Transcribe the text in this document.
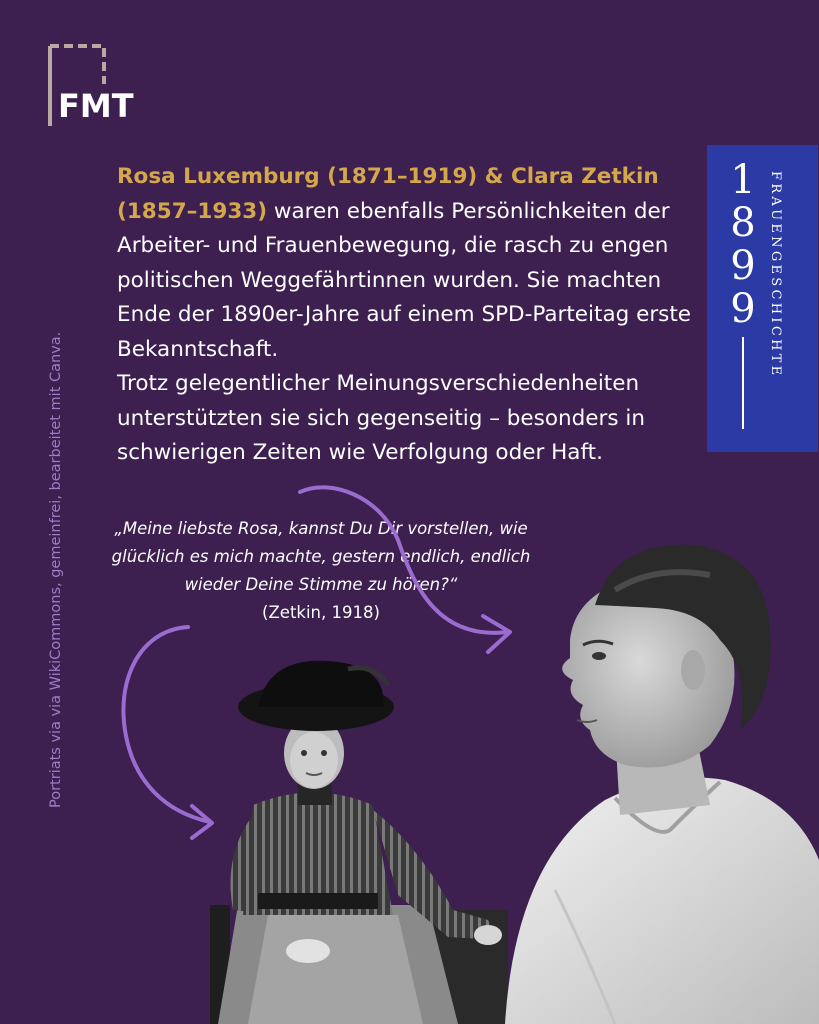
FMT
Portriats via via WikiCommons, gemeinfrei, bearbeitet mit Canva.
1
8
9
9 FRAUENGESCHICHTE
Rosa Luxemburg (1871–1919) & Clara Zetkin (1857–1933) waren ebenfalls Persönlichkeiten der Arbeiter- und Frauenbewegung, die rasch zu engen politischen Weggefährtinnen wurden. Sie machten Ende der 1890er-Jahre auf einem SPD-Parteitag erste Bekanntschaft.
Trotz gelegentlicher Meinungsverschiedenheiten unterstützten sie sich gegenseitig – besonders in schwierigen Zeiten wie Verfolgung oder Haft.
„Meine liebste Rosa, kannst Du Dir vorstellen, wie glücklich es mich machte, gestern endlich, endlich wieder Deine Stimme zu hören?“
(Zetkin, 1918)
